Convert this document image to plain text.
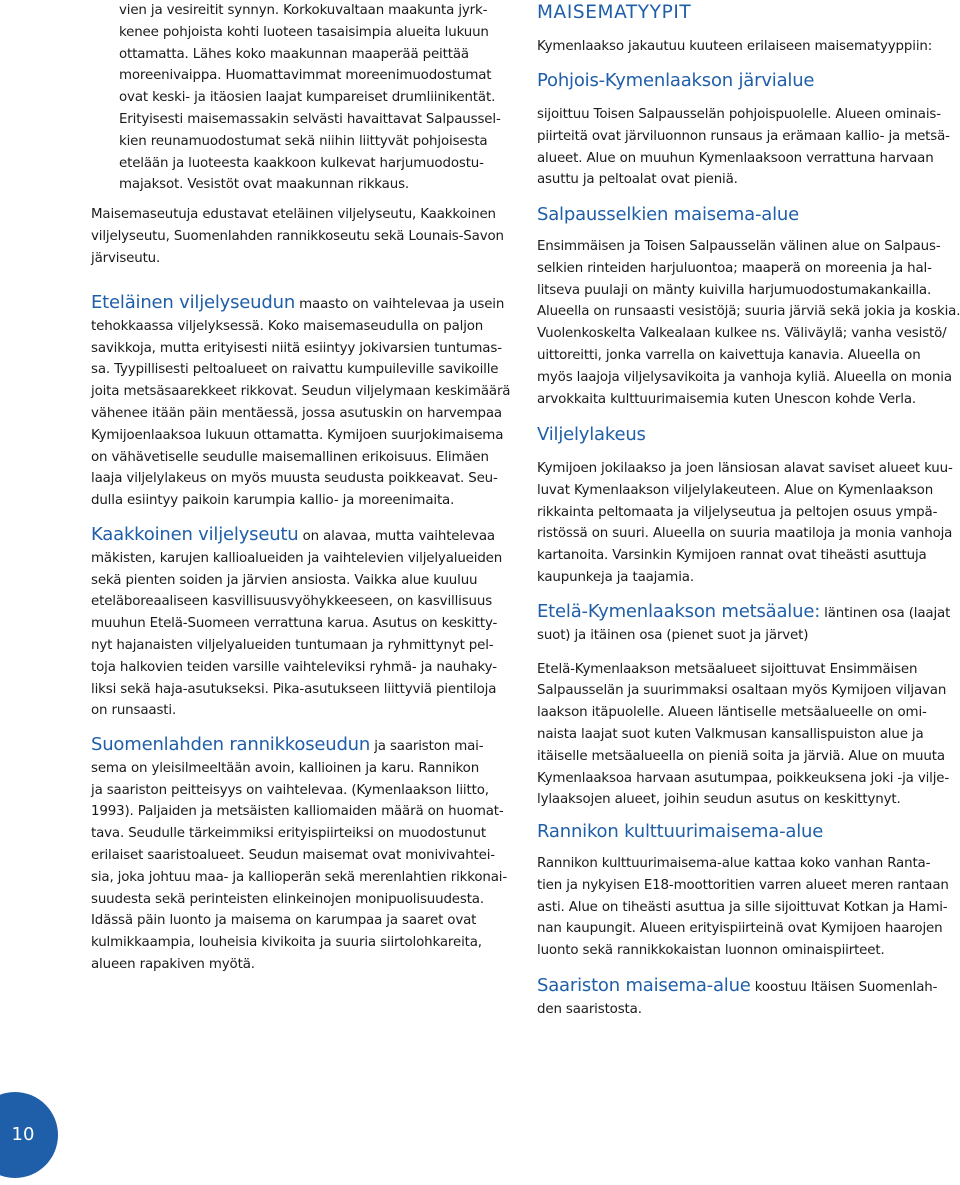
vien ja vesireitit synnyn. Korkokuvaltaan maakunta jyrk-

kenee pohjoista kohti luoteen tasaisimpia alueita lukuun

ottamatta. Lähes koko maakunnan maaperää peittää

moreenivaippa. Huomattavimmat moreenimuodostumat

ovat keski- ja itäosien laajat kumpareiset drumliinikentät.

Erityisesti maisemassakin selvästi havaittavat Salpaussel-

kien reunamuodostumat sekä niihin liittyvät pohjoisesta

etelään ja luoteesta kaakkoon kulkevat harjumuodostu-

majaksot. Vesistöt ovat maakunnan rikkaus.

Maisemaseutuja edustavat eteläinen viljelyseutu, Kaakkoinen

viljelyseutu, Suomenlahden rannikkoseutu sekä Lounais-Savon

järviseutu.

Eteläinen viljelyseudun maasto on vaihtelevaa ja usein

tehokkaassa viljelyksessä. Koko maisemaseudulla on paljon

savikkoja, mutta erityisesti niitä esiintyy jokivarsien tuntumas-

sa. Tyypillisesti peltoalueet on raivattu kumpuileville savikoille

joita metsäsaarekkeet rikkovat. Seudun viljelymaan keskimäärä

vähenee itään päin mentäessä, jossa asutuskin on harvempaa

Kymijoenlaaksoa lukuun ottamatta. Kymijoen suurjokimaisema

on vähävetiselle seudulle maisemallinen erikoisuus. Elimäen

laaja viljelylakeus on myös muusta seudusta poikkeavat. Seu-

dulla esiintyy paikoin karumpia kallio- ja moreenimaita.

Kaakkoinen viljelyseutu on alavaa, mutta vaihtelevaa

mäkisten, karujen kallioalueiden ja vaihtelevien viljelyalueiden

sekä pienten soiden ja järvien ansiosta. Vaikka alue kuuluu

eteläboreaaliseen kasvillisuusvyöhykkeeseen, on kasvillisuus

muuhun Etelä-Suomeen verrattuna karua. Asutus on keskitty-

nyt hajanaisten viljelyalueiden tuntumaan ja ryhmittynyt pel-

toja halkovien teiden varsille vaihteleviksi ryhmä- ja nauhaky-

liksi sekä haja-asutukseksi. Pika-asutukseen liittyviä pientiloja

on runsaasti.

Suomenlahden rannikkoseudun ja saariston mai-

sema on yleisilmeeltään avoin, kallioinen ja karu. Rannikon

ja saariston peitteisyys on vaihtelevaa. (Kymenlaakson liitto,

1993). Paljaiden ja metsäisten kalliomaiden määrä on huomat-

tava. Seudulle tärkeimmiksi erityispiirteiksi on muodostunut

erilaiset saaristoalueet. Seudun maisemat ovat monivivahtei-

sia, joka johtuu maa- ja kallioperän sekä merenlahtien rikkonai-

suudesta sekä perinteisten elinkeinojen monipuolisuudesta.

Idässä päin luonto ja maisema on karumpaa ja saaret ovat

kulmikkaampia, louheisia kivikoita ja suuria siirtolohkareita,

alueen rapakiven myötä.

MAISEMATYYPIT

Kymenlaakso jakautuu kuuteen erilaiseen maisematyyppiin:

Pohjois-Kymenlaakson järvialue

sijoittuu Toisen Salpausselän pohjoispuolelle. Alueen ominais-

piirteitä ovat järviluonnon runsaus ja erämaan kallio- ja metsä-

alueet. Alue on muuhun Kymenlaaksoon verrattuna harvaan

asuttu ja peltoalat ovat pieniä.

Salpausselkien maisema-alue

Ensimmäisen ja Toisen Salpausselän välinen alue on Salpaus-

selkien rinteiden harjuluontoa; maaperä on moreenia ja hal-

litseva puulaji on mänty kuivilla harjumuodostumakankailla.

Alueella on runsaasti vesistöjä; suuria järviä sekä jokia ja koskia.

Vuolenkoskelta Valkealaan kulkee ns. Väliväylä; vanha vesistö/

uittoreitti, jonka varrella on kaivettuja kanavia. Alueella on

myös laajoja viljelysavikoita ja vanhoja kyliä. Alueella on monia

arvokkaita kulttuurimaisemia kuten Unescon kohde Verla.

Viljelylakeus

Kymijoen jokilaakso ja joen länsiosan alavat saviset alueet kuu-

luvat Kymenlaakson viljelylakeuteen. Alue on Kymenlaakson

rikkainta peltomaata ja viljelyseutua ja peltojen osuus ympä-

ristössä on suuri. Alueella on suuria maatiloja ja monia vanhoja

kartanoita. Varsinkin Kymijoen rannat ovat tiheästi asuttuja

kaupunkeja ja taajamia.

Etelä-Kymenlaakson metsäalue: läntinen osa (laajat

suot) ja itäinen osa (pienet suot ja järvet)

Etelä-Kymenlaakson metsäalueet sijoittuvat Ensimmäisen

Salpausselän ja suurimmaksi osaltaan myös Kymijoen viljavan

laakson itäpuolelle. Alueen läntiselle metsäalueelle on omi-

naista laajat suot kuten Valkmusan kansallispuiston alue ja

itäiselle metsäalueella on pieniä soita ja järviä. Alue on muuta

Kymenlaaksoa harvaan asutumpaa, poikkeuksena joki -ja vilje-

lylaaksojen alueet, joihin seudun asutus on keskittynyt.

Rannikon kulttuurimaisema-alue

Rannikon kulttuurimaisema-alue kattaa koko vanhan Ranta-

tien ja nykyisen E18-moottoritien varren alueet meren rantaan

asti. Alue on tiheästi asuttua ja sille sijoittuvat Kotkan ja Hami-

nan kaupungit. Alueen erityispiirteinä ovat Kymijoen haarojen

luonto sekä rannikkokaistan luonnon ominaispiirteet.

Saariston maisema-alue koostuu Itäisen Suomenlah-

den saaristosta.

10
